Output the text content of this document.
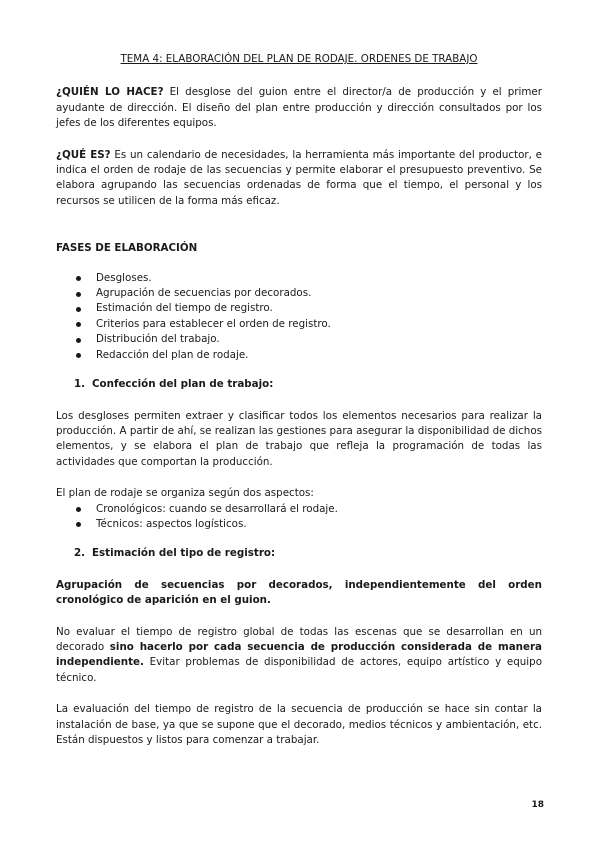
TEMA 4: ELABORACIÓN DEL PLAN DE RODAJE. ORDENES DE TRABAJO

¿QUIÉN LO HACE? El desglose del guion entre el director/a de producción y el primer ayudante de dirección. El diseño del plan entre producción y dirección consultados por los jefes de los diferentes equipos.

¿QUÉ ES? Es un calendario de necesidades, la herramienta más importante del productor, e indica el orden de rodaje de las secuencias y permite elaborar el presupuesto preventivo. Se elabora agrupando las secuencias ordenadas de forma que el tiempo, el personal y los recursos se utilicen de la forma más eficaz.

FASES DE ELABORACIÓN
Desgloses.
Agrupación de secuencias por decorados.
Estimación del tiempo de registro.
Criterios para establecer el orden de registro.
Distribución del trabajo.
Redacción del plan de rodaje.
1. Confección del plan de trabajo:

Los desgloses permiten extraer y clasificar todos los elementos necesarios para realizar la producción. A partir de ahí, se realizan las gestiones para asegurar la disponibilidad de dichos elementos, y se elabora el plan de trabajo que refleja la programación de todas las actividades que comportan la producción.

El plan de rodaje se organiza según dos aspectos:

Cronológicos: cuando se desarrollará el rodaje.
Técnicos: aspectos logísticos.
2. Estimación del tipo de registro:

Agrupación de secuencias por decorados, independientemente del orden cronológico de aparición en el guion.

No evaluar el tiempo de registro global de todas las escenas que se desarrollan en un decorado sino hacerlo por cada secuencia de producción considerada de manera independiente. Evitar problemas de disponibilidad de actores, equipo artístico y equipo técnico.

La evaluación del tiempo de registro de la secuencia de producción se hace sin contar la instalación de base, ya que se supone que el decorado, medios técnicos y ambientación, etc. Están dispuestos y listos para comenzar a trabajar.

18
